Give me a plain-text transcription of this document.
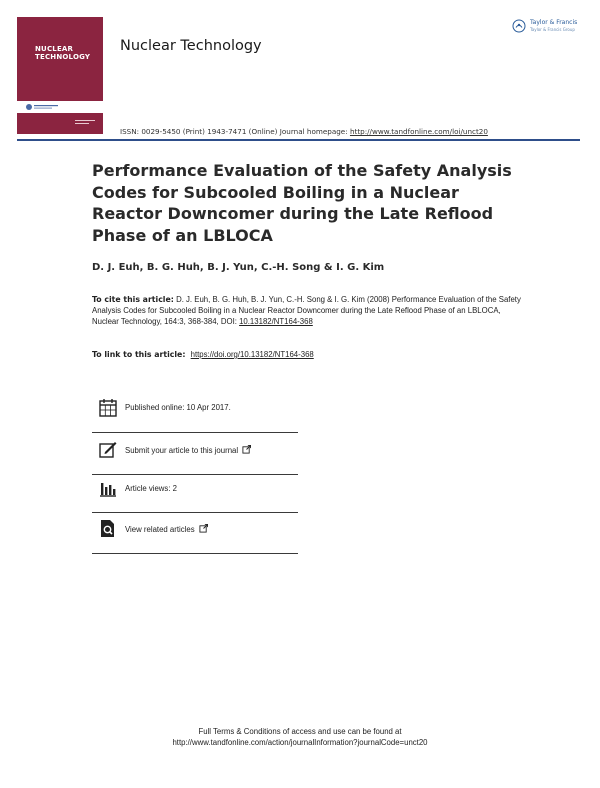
NUCLEAR
TECHNOLOGY
Nuclear Technology
Taylor & Francis
Taylor & Francis Group
ISSN: 0029-5450 (Print) 1943-7471 (Online) Journal homepage: http://www.tandfonline.com/loi/unct20
Performance Evaluation of the Safety Analysis Codes for Subcooled Boiling in a Nuclear Reactor Downcomer during the Late Reflood Phase of an LBLOCA
D. J. Euh, B. G. Huh, B. J. Yun, C.-H. Song & I. G. Kim
To cite this article: D. J. Euh, B. G. Huh, B. J. Yun, C.-H. Song & I. G. Kim (2008) Performance Evaluation of the Safety Analysis Codes for Subcooled Boiling in a Nuclear Reactor Downcomer during the Late Reflood Phase of an LBLOCA, Nuclear Technology, 164:3, 368-384, DOI: 10.13182/NT164-368
To link to this article: https://doi.org/10.13182/NT164-368
Published online: 10 Apr 2017.
Submit your article to this journal
Article views: 2
View related articles
Full Terms & Conditions of access and use can be found at
http://www.tandfonline.com/action/journalInformation?journalCode=unct20
